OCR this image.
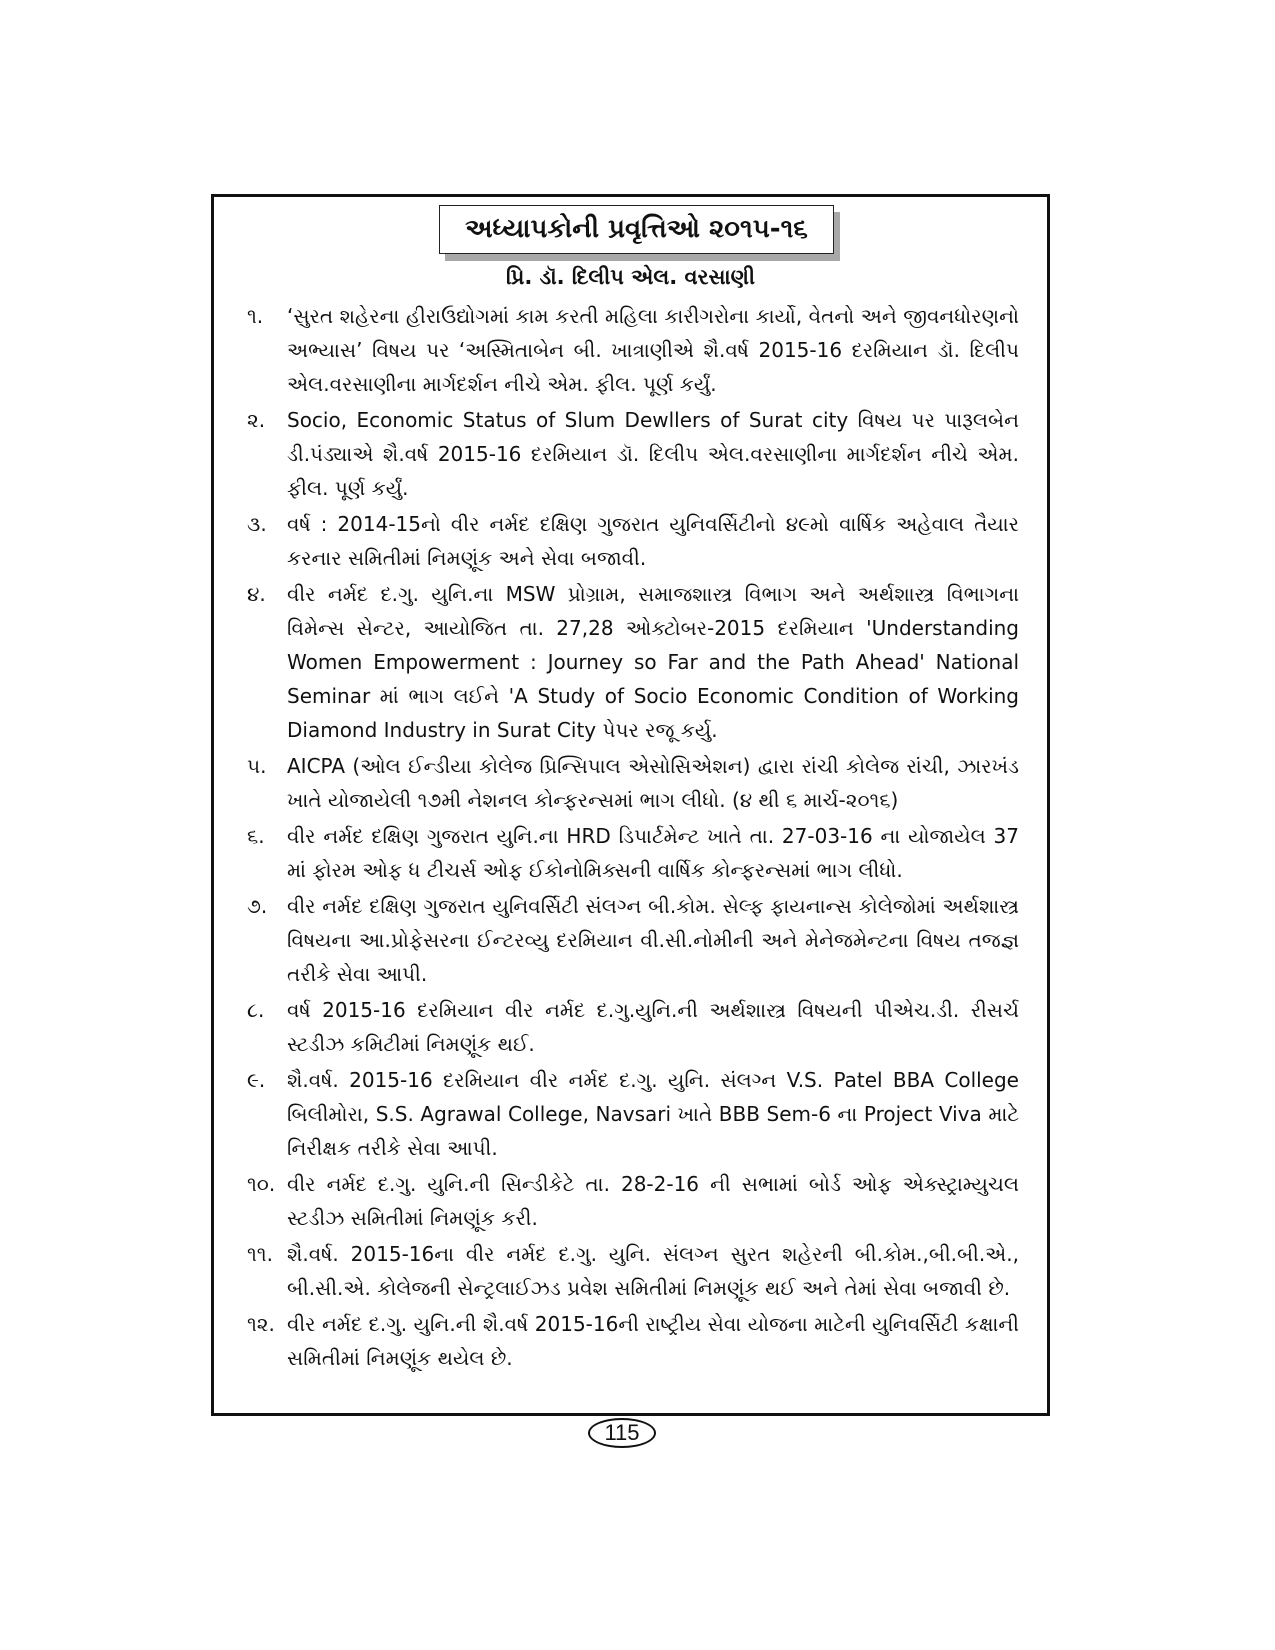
અધ્યાપકોની પ્રવૃત્તિઓ ૨૦૧૫-૧૬
પ્રિ. ડૉ. દિલીપ એલ. વરસાણી
૧. ‘સુરત શહેરના હીરાઉદ્યોગમાં કામ કરતી મહિલા કારીગરોના કાર્યો, વેતનો અને જીવનધોરણનો અભ્યાસ’ વિષય પર ‘અસ્મિતાબેન બી. ખાત્રાણીએ શૈ.વર્ષ 2015-16 દરમિયાન ડૉ. દિલીપ એલ.વરસાણીના માર્ગદર્શન નીચે એમ. ફીલ. પૂર્ણ કર્યું.

૨. Socio, Economic Status of Slum Dewllers of Surat city વિષય પર પારૂલબેન ડી.પંડ્યાએ શૈ.વર્ષ 2015-16 દરમિયાન ડૉ. દિલીપ એલ.વરસાણીના માર્ગદર્શન નીચે એમ. ફીલ. પૂર્ણ કર્યું.

૩. વર્ષ : 2014-15નો વીર નર્મદ દક્ષિણ ગુજરાત યુનિવર્સિટીનો ૪૯મો વાર્ષિક અહેવાલ તૈયાર કરનાર સમિતીમાં નિમણૂંક અને સેવા બજાવી.

૪. વીર નર્મદ દ.ગુ. યુનિ.ના MSW પ્રોગ્રામ, સમાજશાસ્ત્ર વિભાગ અને અર્થશાસ્ત્ર વિભાગના વિમેન્સ સેન્ટર, આયોજિત તા. 27,28 ઓક્ટોબર-2015 દરમિયાન 'Understanding Women Empowerment : Journey so Far and the Path Ahead' National Seminar માં ભાગ લઈને 'A Study of Socio Economic Condition of Working Diamond Industry in Surat City પેપર રજૂ કર્યુ.

૫. AICPA (ઓલ ઈન્ડીયા કોલેજ પ્રિન્સિપાલ એસોસિએશન) દ્વારા રાંચી કોલેજ રાંચી, ઝારખંડ ખાતે યોજાયેલી ૧૭મી નેશનલ કોન્ફરન્સમાં ભાગ લીધો. (૪ થી ૬ માર્ચ-૨૦૧૬)

૬. વીર નર્મદ દક્ષિણ ગુજરાત યુનિ.ના HRD ડિપાર્ટમેન્ટ ખાતે તા. 27-03-16 ના યોજાયેલ 37 માં ફોરમ ઓફ ધ ટીચર્સ ઓફ ઈકોનોમિક્સની વાર્ષિક કોન્ફરન્સમાં ભાગ લીધો.

૭. વીર નર્મદ દક્ષિણ ગુજરાત યુનિવર્સિટી સંલગ્ન બી.કોમ. સેલ્ફ ફાયનાન્સ કોલેજોમાં અર્થશાસ્ત્ર વિષયના આ.પ્રોફેસરના ઈન્ટરવ્યુ દરમિયાન વી.સી.નોમીની અને મેનેજમેન્ટના વિષય તજજ્ઞ તરીકે સેવા આપી.

૮. વર્ષ 2015-16 દરમિયાન વીર નર્મદ દ.ગુ.યુનિ.ની અર્થશાસ્ત્ર વિષયની પીએચ.ડી. રીસર્ચ સ્ટડીઝ કમિટીમાં નિમણૂંક થઈ.

૯. શૈ.વર્ષ. 2015-16 દરમિયાન વીર નર્મદ દ.ગુ. યુનિ. સંલગ્ન V.S. Patel BBA College બિલીમોરા, S.S. Agrawal College, Navsari ખાતે BBB Sem-6 ના Project Viva માટે નિરીક્ષક તરીકે સેવા આપી.

૧૦. વીર નર્મદ દ.ગુ. યુનિ.ની સિન્ડીકેટે તા. 28-2-16 ની સભામાં બોર્ડ ઓફ એક્સ્ટ્રામ્યુચલ સ્ટડીઝ સમિતીમાં નિમણૂંક કરી.

૧૧. શૈ.વર્ષ. 2015-16ના વીર નર્મદ દ.ગુ. યુનિ. સંલગ્ન સુરત શહેરની બી.કોમ.,બી.બી.એ., બી.સી.એ. કોલેજની સેન્ટ્રલાઈઝડ પ્રવેશ સમિતીમાં નિમણૂંક થઈ અને તેમાં સેવા બજાવી છે.

૧૨. વીર નર્મદ દ.ગુ. યુનિ.ની શૈ.વર્ષ 2015-16ની રાષ્ટ્રીય સેવા યોજના માટેની યુનિવર્સિટી કક્ષાની સમિતીમાં નિમણૂંક થયેલ છે.

115
